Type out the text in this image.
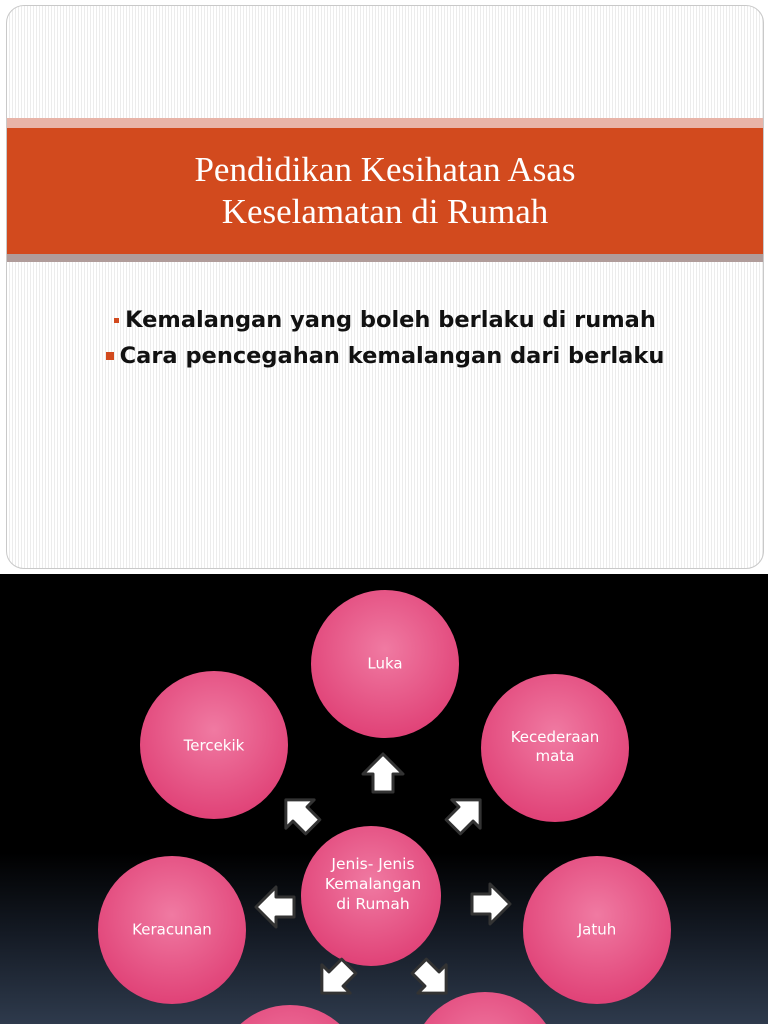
Pendidikan Kesihatan Asas
Keselamatan di Rumah
Kemalangan yang boleh berlaku di rumah
Cara pencegahan kemalangan dari berlaku
Luka
Kecederaan
mata
Jatuh
Tercekik
Keracunan
Jenis- Jenis
Kemalangan
di Rumah
